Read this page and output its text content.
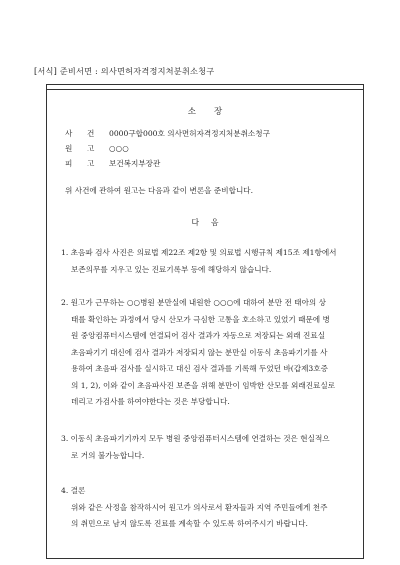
[서식] 준비서면 : 의사면허자격정지처분취소청구
소 장
사 건 0000구합000호 의사면허자격정지처분취소청구
원 고 ○○○
피 고 보건복지부장관
위 사건에 관하여 원고는 다음과 같이 변론을 준비합니다.
다 음
1. 초음파 검사 사진은 의료법 제22조 제2항 및 의료법 시행규칙 제15조 제1항에서
보존의무를 지우고 있는 진료기록부 등에 해당하지 않습니다.
2. 원고가 근무하는 ○○병원 분만실에 내원한 ○○○에 대하여 분만 전 태아의 상
태를 확인하는 과정에서 당시 산모가 극심한 고통을 호소하고 있었기 때문에 병
원 중앙컴퓨터시스템에 연결되어 검사 결과가 자동으로 저장되는 외래 진료실
초음파기기 대신에 검사 결과가 저장되지 않는 분만실 이동식 초음파기기를 사
용하여 초음파 검사를 실시하고 대신 검사 결과를 기록해 두었던 바(갑제3호증
의 1, 2), 이와 같이 초음파사진 보존을 위해 분만이 임박한 산모를 외래진료실로
데리고 가검사를 하여야한다는 것은 부당합니다.
3. 이동식 초음파기기까지 모두 병원 중앙컴퓨터시스템에 연결하는 것은 현실적으
로 거의 불가능합니다.
4. 결론
위와 같은 사정을 참작하시어 원고가 의사로서 환자들과 지역 주민들에게 천주
의 취민으로 남지 않도록 진료를 계속할 수 있도록 하여주시기 바랍니다.
